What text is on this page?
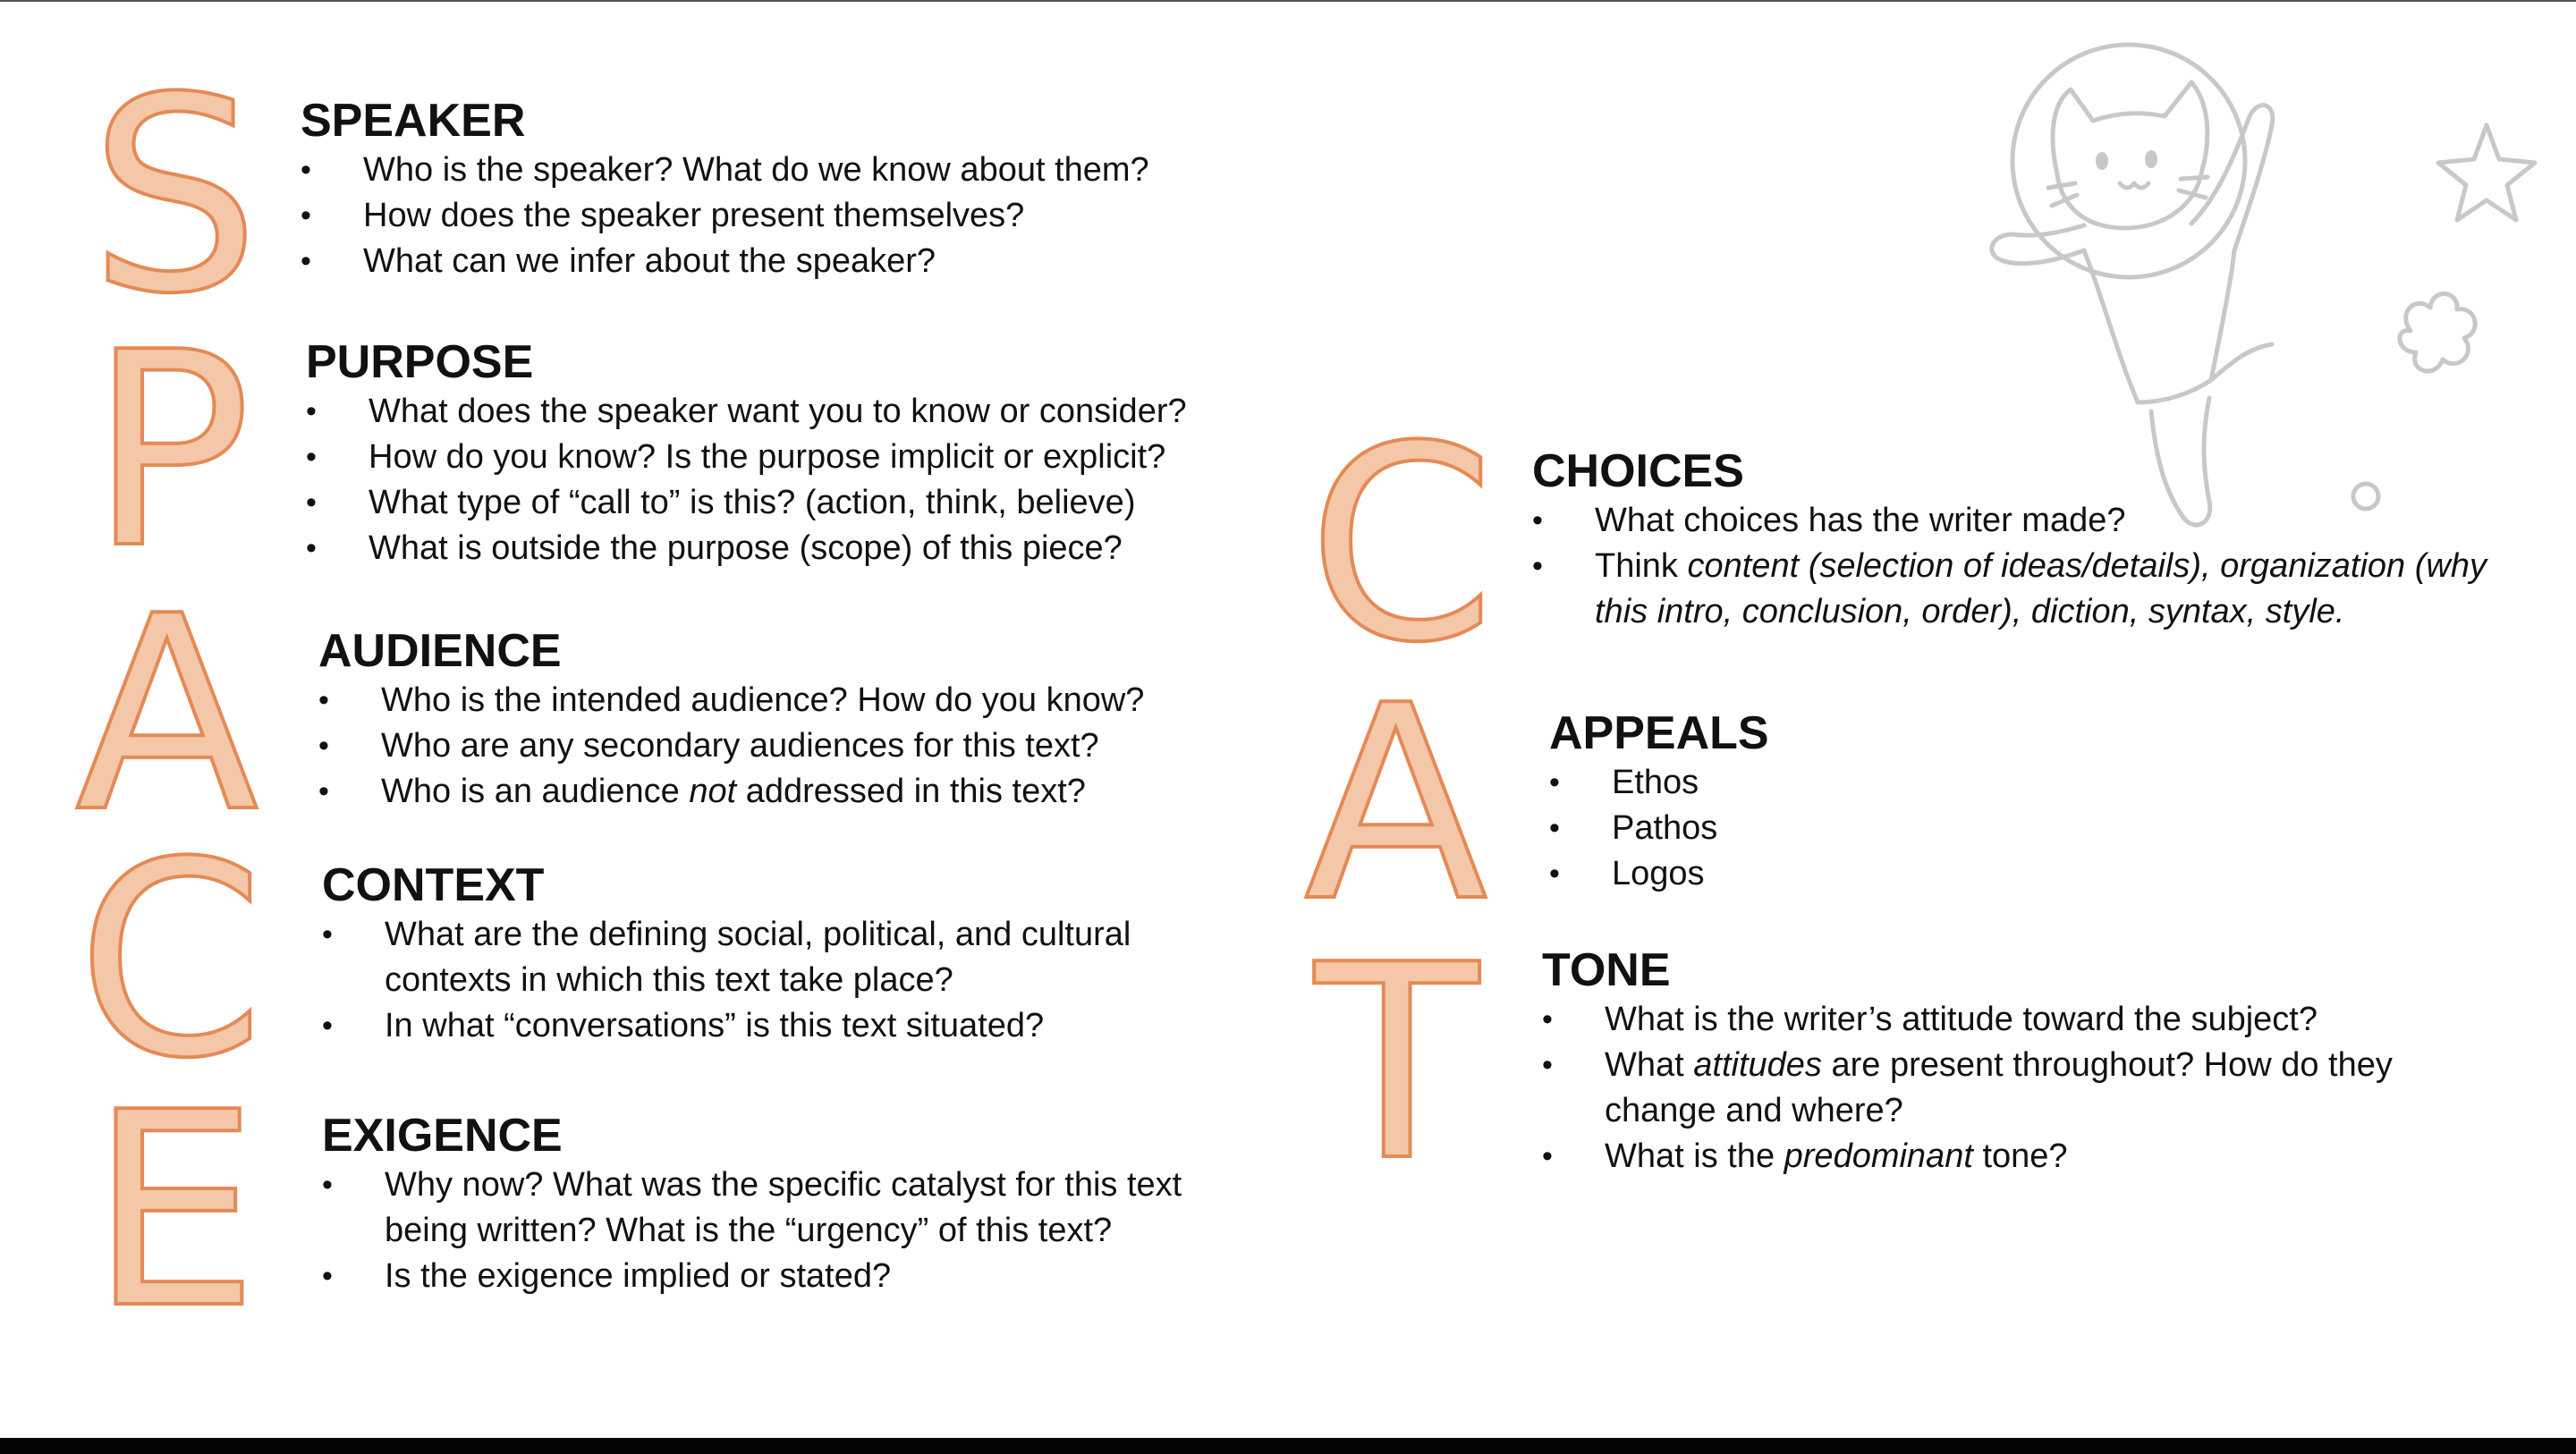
S
P
A
C
E
C
A
T
SPEAKER
• Who is the speaker? What do we know about them?
• How does the speaker present themselves?
• What can we infer about the speaker?
PURPOSE
• What does the speaker want you to know or consider?
• How do you know? Is the purpose implicit or explicit?
• What type of “call to” is this? (action, think, believe)
• What is outside the purpose (scope) of this piece?
AUDIENCE
• Who is the intended audience? How do you know?
• Who are any secondary audiences for this text?
• Who is an audience not addressed in this text?
CONTEXT
• What are the defining social, political, and cultural contexts in which this text take place?
• In what “conversations” is this text situated?
EXIGENCE
• Why now? What was the specific catalyst for this text being written? What is the “urgency” of this text?
• Is the exigence implied or stated?
CHOICES
• What choices has the writer made?
• Think content (selection of ideas/details), organization (why this intro, conclusion, order), diction, syntax, style.
APPEALS
• Ethos
• Pathos
• Logos
TONE
• What is the writer’s attitude toward the subject?
• What attitudes are present throughout? How do they change and where?
• What is the predominant tone?
